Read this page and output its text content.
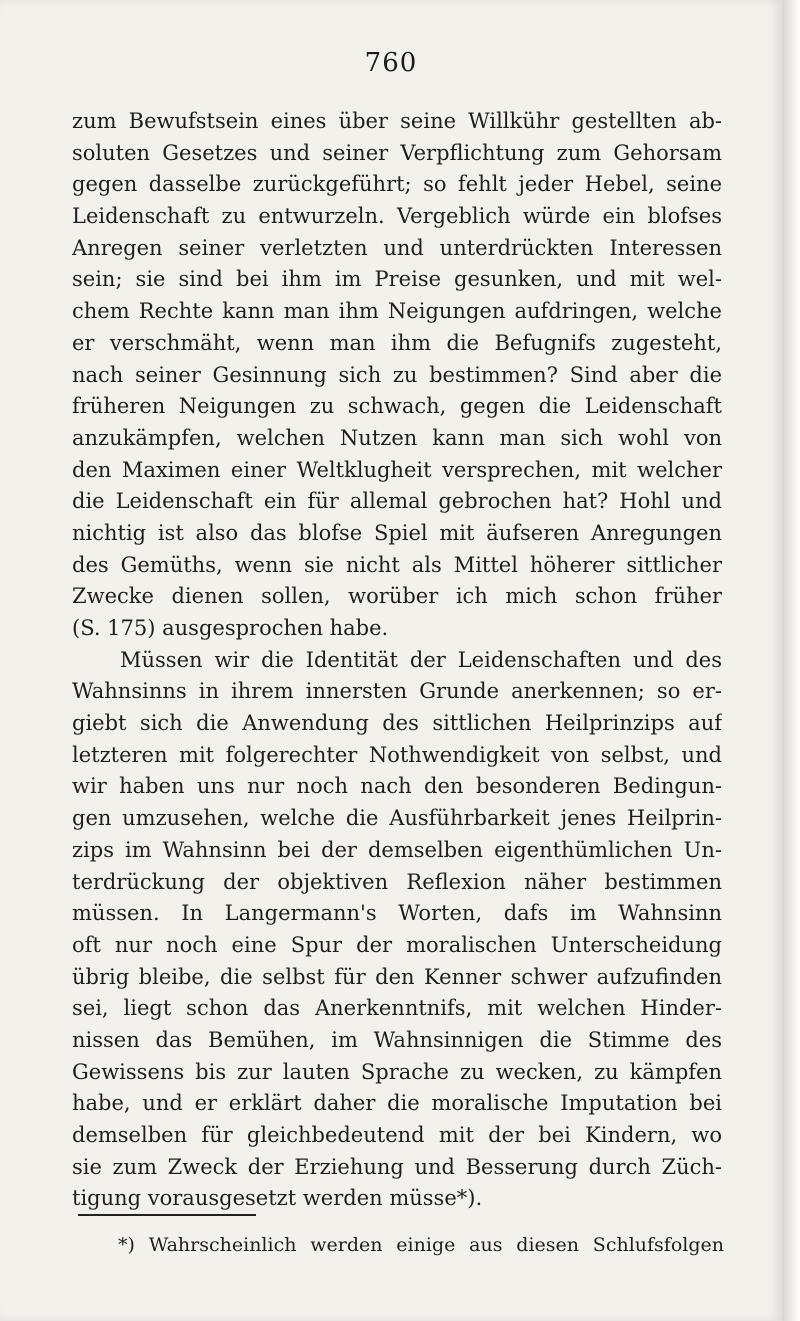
760
zum Bewufstsein eines über seine Willkühr gestellten ab-
soluten Gesetzes und seiner Verpflichtung zum Gehorsam
gegen dasselbe zurückgeführt; so fehlt jeder Hebel, seine
Leidenschaft zu entwurzeln. Vergeblich würde ein blofses
Anregen seiner verletzten und unterdrückten Interessen
sein; sie sind bei ihm im Preise gesunken, und mit wel-
chem Rechte kann man ihm Neigungen aufdringen, welche
er verschmäht, wenn man ihm die Befugnifs zugesteht,
nach seiner Gesinnung sich zu bestimmen? Sind aber die
früheren Neigungen zu schwach, gegen die Leidenschaft
anzukämpfen, welchen Nutzen kann man sich wohl von
den Maximen einer Weltklugheit versprechen, mit welcher
die Leidenschaft ein für allemal gebrochen hat? Hohl und
nichtig ist also das blofse Spiel mit äufseren Anregungen
des Gemüths, wenn sie nicht als Mittel höherer sittlicher
Zwecke dienen sollen, worüber ich mich schon früher
(S. 175) ausgesprochen habe.
Müssen wir die Identität der Leidenschaften und des
Wahnsinns in ihrem innersten Grunde anerkennen; so er-
giebt sich die Anwendung des sittlichen Heilprinzips auf
letzteren mit folgerechter Nothwendigkeit von selbst, und
wir haben uns nur noch nach den besonderen Bedingun-
gen umzusehen, welche die Ausführbarkeit jenes Heilprin-
zips im Wahnsinn bei der demselben eigenthümlichen Un-
terdrückung der objektiven Reflexion näher bestimmen
müssen. In Langermann's Worten, dafs im Wahnsinn
oft nur noch eine Spur der moralischen Unterscheidung
übrig bleibe, die selbst für den Kenner schwer aufzufinden
sei, liegt schon das Anerkenntnifs, mit welchen Hinder-
nissen das Bemühen, im Wahnsinnigen die Stimme des
Gewissens bis zur lauten Sprache zu wecken, zu kämpfen
habe, und er erklärt daher die moralische Imputation bei
demselben für gleichbedeutend mit der bei Kindern, wo
sie zum Zweck der Erziehung und Besserung durch Züch-
tigung vorausgesetzt werden müsse*).
*) Wahrscheinlich werden einige aus diesen Schlufsfolgen
